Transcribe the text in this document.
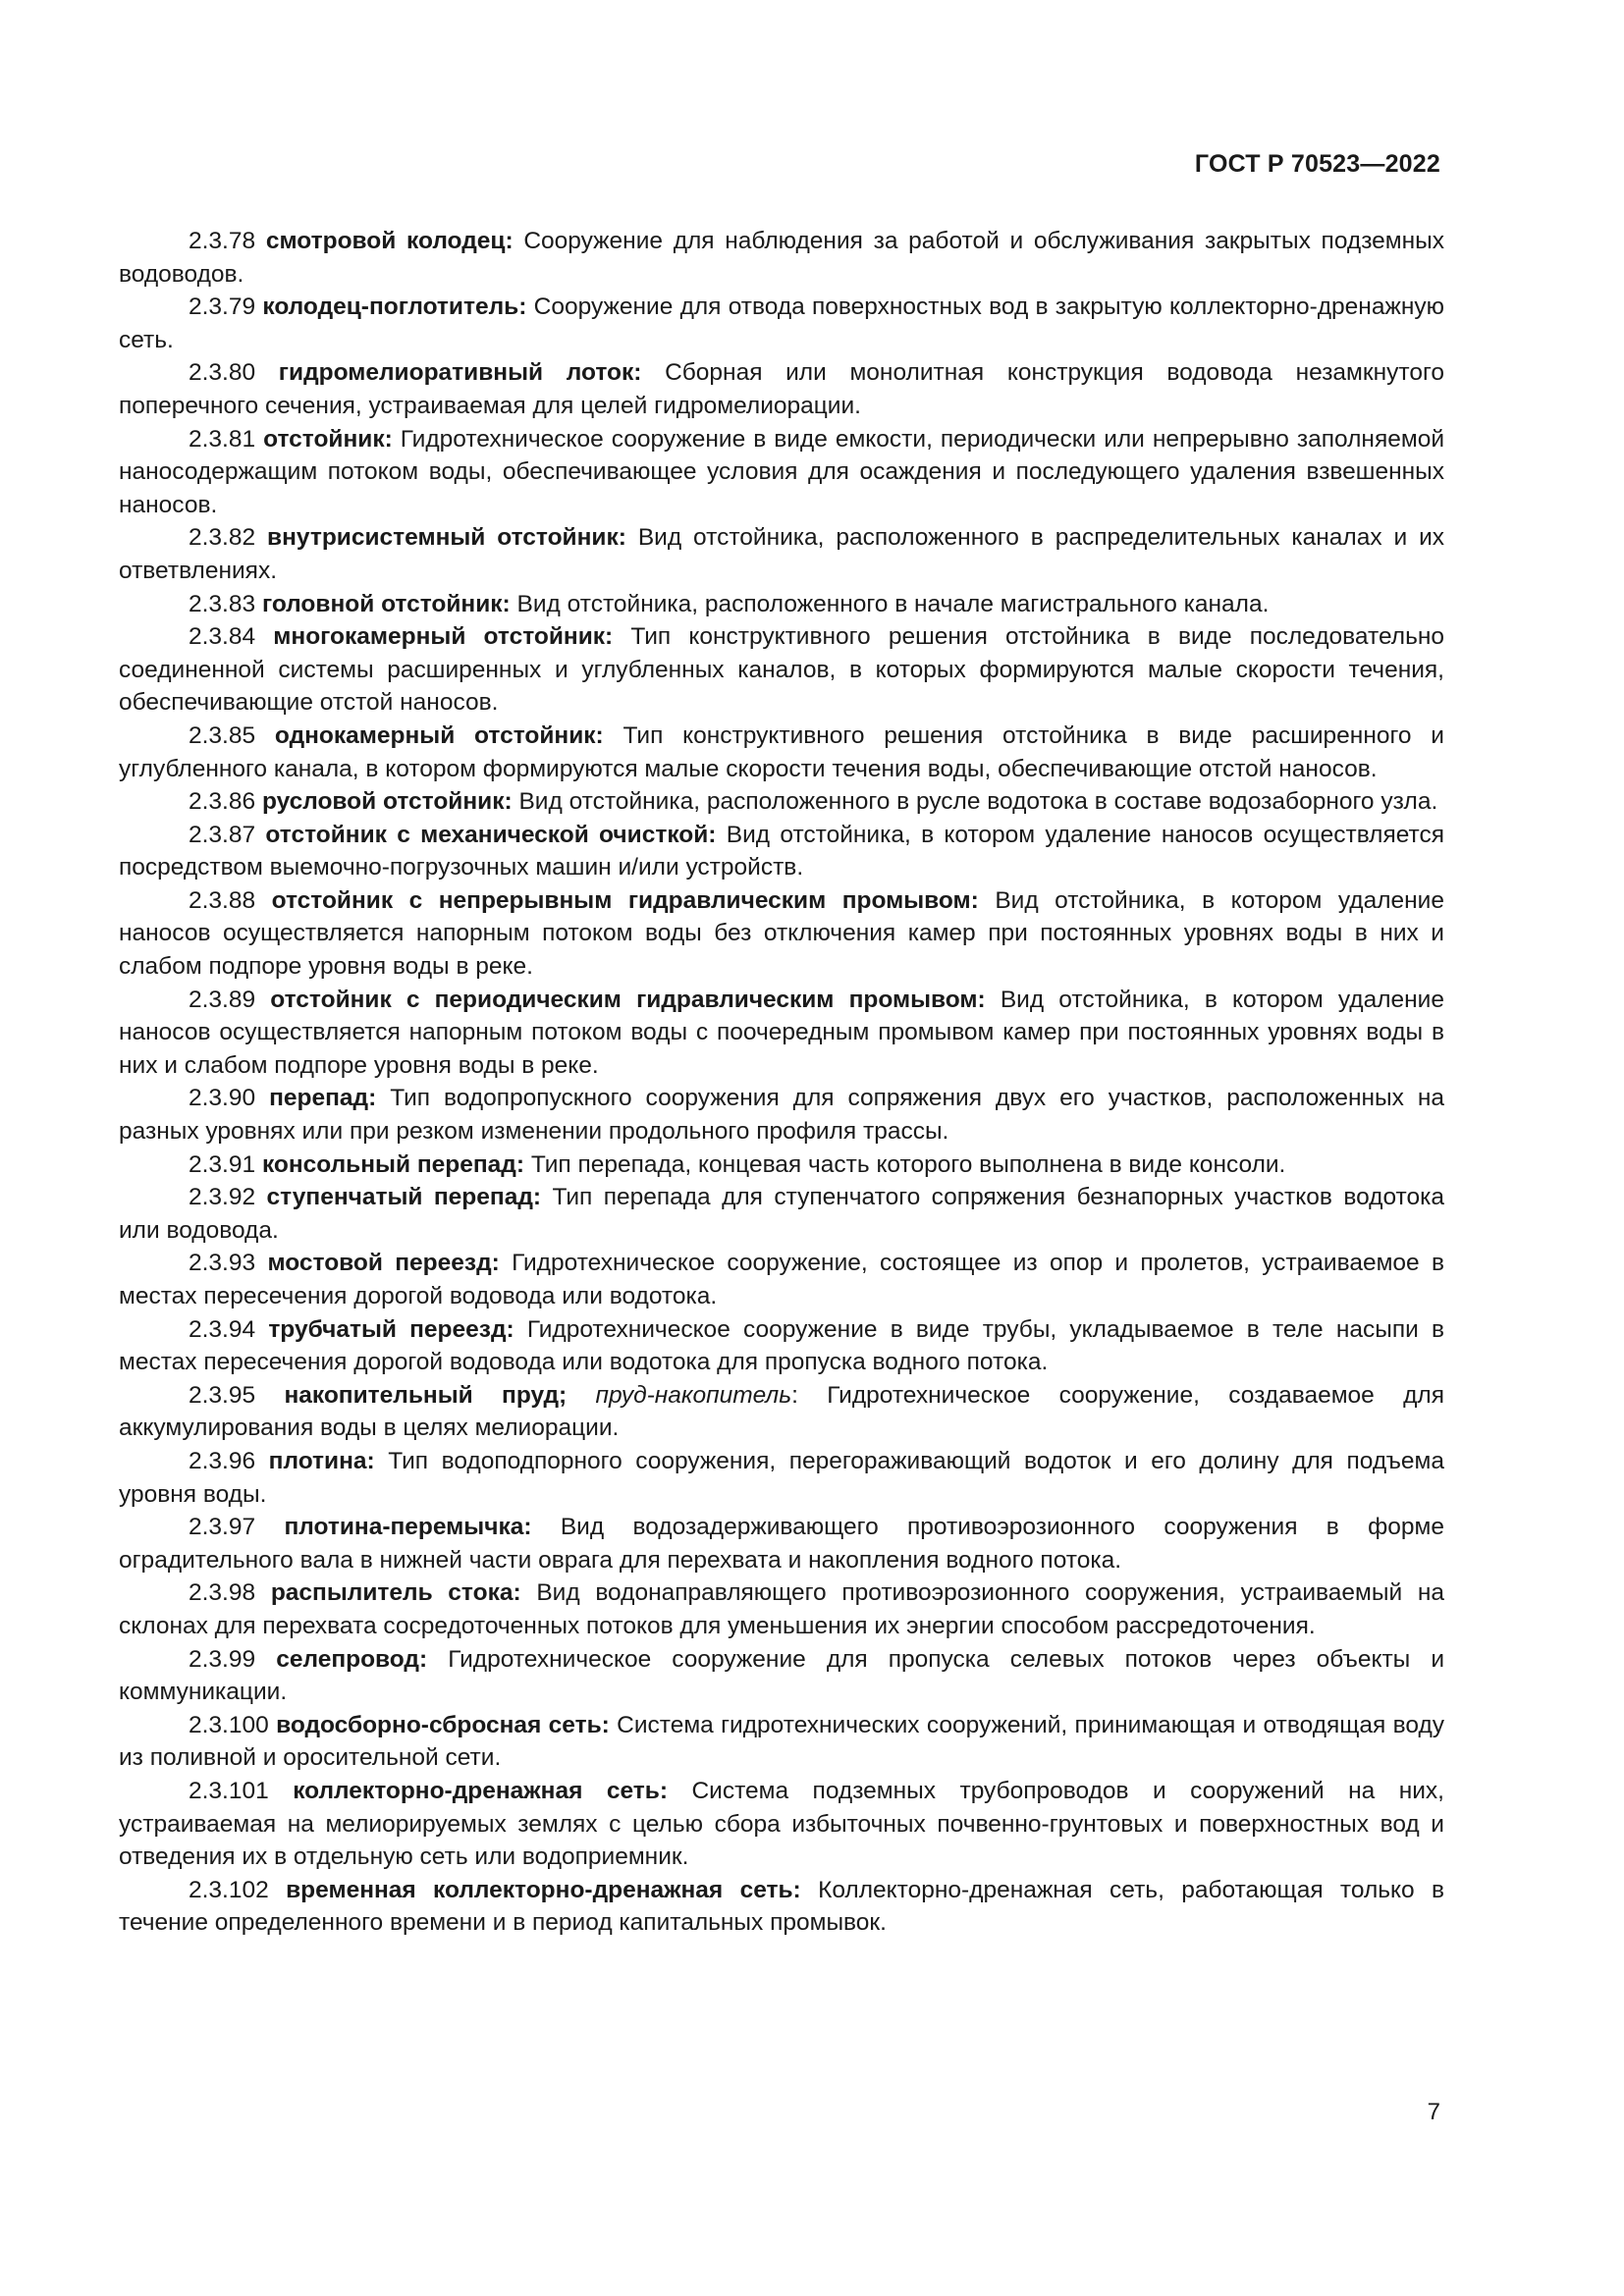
ГОСТ Р 70523—2022

2.3.78 смотровой колодец: Сооружение для наблюдения за работой и обслуживания закрытых подземных водоводов.

2.3.79 колодец-поглотитель: Сооружение для отвода поверхностных вод в закрытую коллекторно-дренажную сеть.

2.3.80 гидромелиоративный лоток: Сборная или монолитная конструкция водовода незамкнутого поперечного сечения, устраиваемая для целей гидромелиорации.

2.3.81 отстойник: Гидротехническое сооружение в виде емкости, периодически или непрерывно заполняемой наносодержащим потоком воды, обеспечивающее условия для осаждения и последующего удаления взвешенных наносов.

2.3.82 внутрисистемный отстойник: Вид отстойника, расположенного в распределительных каналах и их ответвлениях.

2.3.83 головной отстойник: Вид отстойника, расположенного в начале магистрального канала.

2.3.84 многокамерный отстойник: Тип конструктивного решения отстойника в виде последовательно соединенной системы расширенных и углубленных каналов, в которых формируются малые скорости течения, обеспечивающие отстой наносов.

2.3.85 однокамерный отстойник: Тип конструктивного решения отстойника в виде расширенного и углубленного канала, в котором формируются малые скорости течения воды, обеспечивающие отстой наносов.

2.3.86 русловой отстойник: Вид отстойника, расположенного в русле водотока в составе водозаборного узла.

2.3.87 отстойник с механической очисткой: Вид отстойника, в котором удаление наносов осуществляется посредством выемочно-погрузочных машин и/или устройств.

2.3.88 отстойник с непрерывным гидравлическим промывом: Вид отстойника, в котором удаление наносов осуществляется напорным потоком воды без отключения камер при постоянных уровнях воды в них и слабом подпоре уровня воды в реке.

2.3.89 отстойник с периодическим гидравлическим промывом: Вид отстойника, в котором удаление наносов осуществляется напорным потоком воды с поочередным промывом камер при постоянных уровнях воды в них и слабом подпоре уровня воды в реке.

2.3.90 перепад: Тип водопропускного сооружения для сопряжения двух его участков, расположенных на разных уровнях или при резком изменении продольного профиля трассы.

2.3.91 консольный перепад: Тип перепада, концевая часть которого выполнена в виде консоли.

2.3.92 ступенчатый перепад: Тип перепада для ступенчатого сопряжения безнапорных участков водотока или водовода.

2.3.93 мостовой переезд: Гидротехническое сооружение, состоящее из опор и пролетов, устраиваемое в местах пересечения дорогой водовода или водотока.

2.3.94 трубчатый переезд: Гидротехническое сооружение в виде трубы, укладываемое в теле насыпи в местах пересечения дорогой водовода или водотока для пропуска водного потока.

2.3.95 накопительный пруд; пруд-накопитель: Гидротехническое сооружение, создаваемое для аккумулирования воды в целях мелиорации.

2.3.96 плотина: Тип водоподпорного сооружения, перегораживающий водоток и его долину для подъема уровня воды.

2.3.97 плотина-перемычка: Вид водозадерживающего противоэрозионного сооружения в форме оградительного вала в нижней части оврага для перехвата и накопления водного потока.

2.3.98 распылитель стока: Вид водонаправляющего противоэрозионного сооружения, устраиваемый на склонах для перехвата сосредоточенных потоков для уменьшения их энергии способом рассредоточения.

2.3.99 селепровод: Гидротехническое сооружение для пропуска селевых потоков через объекты и коммуникации.

2.3.100 водосборно-сбросная сеть: Система гидротехнических сооружений, принимающая и отводящая воду из поливной и оросительной сети.

2.3.101 коллекторно-дренажная сеть: Система подземных трубопроводов и сооружений на них, устраиваемая на мелиорируемых землях с целью сбора избыточных почвенно-грунтовых и поверхностных вод и отведения их в отдельную сеть или водоприемник.

2.3.102 временная коллекторно-дренажная сеть: Коллекторно-дренажная сеть, работающая только в течение определенного времени и в период капитальных промывок.

7
